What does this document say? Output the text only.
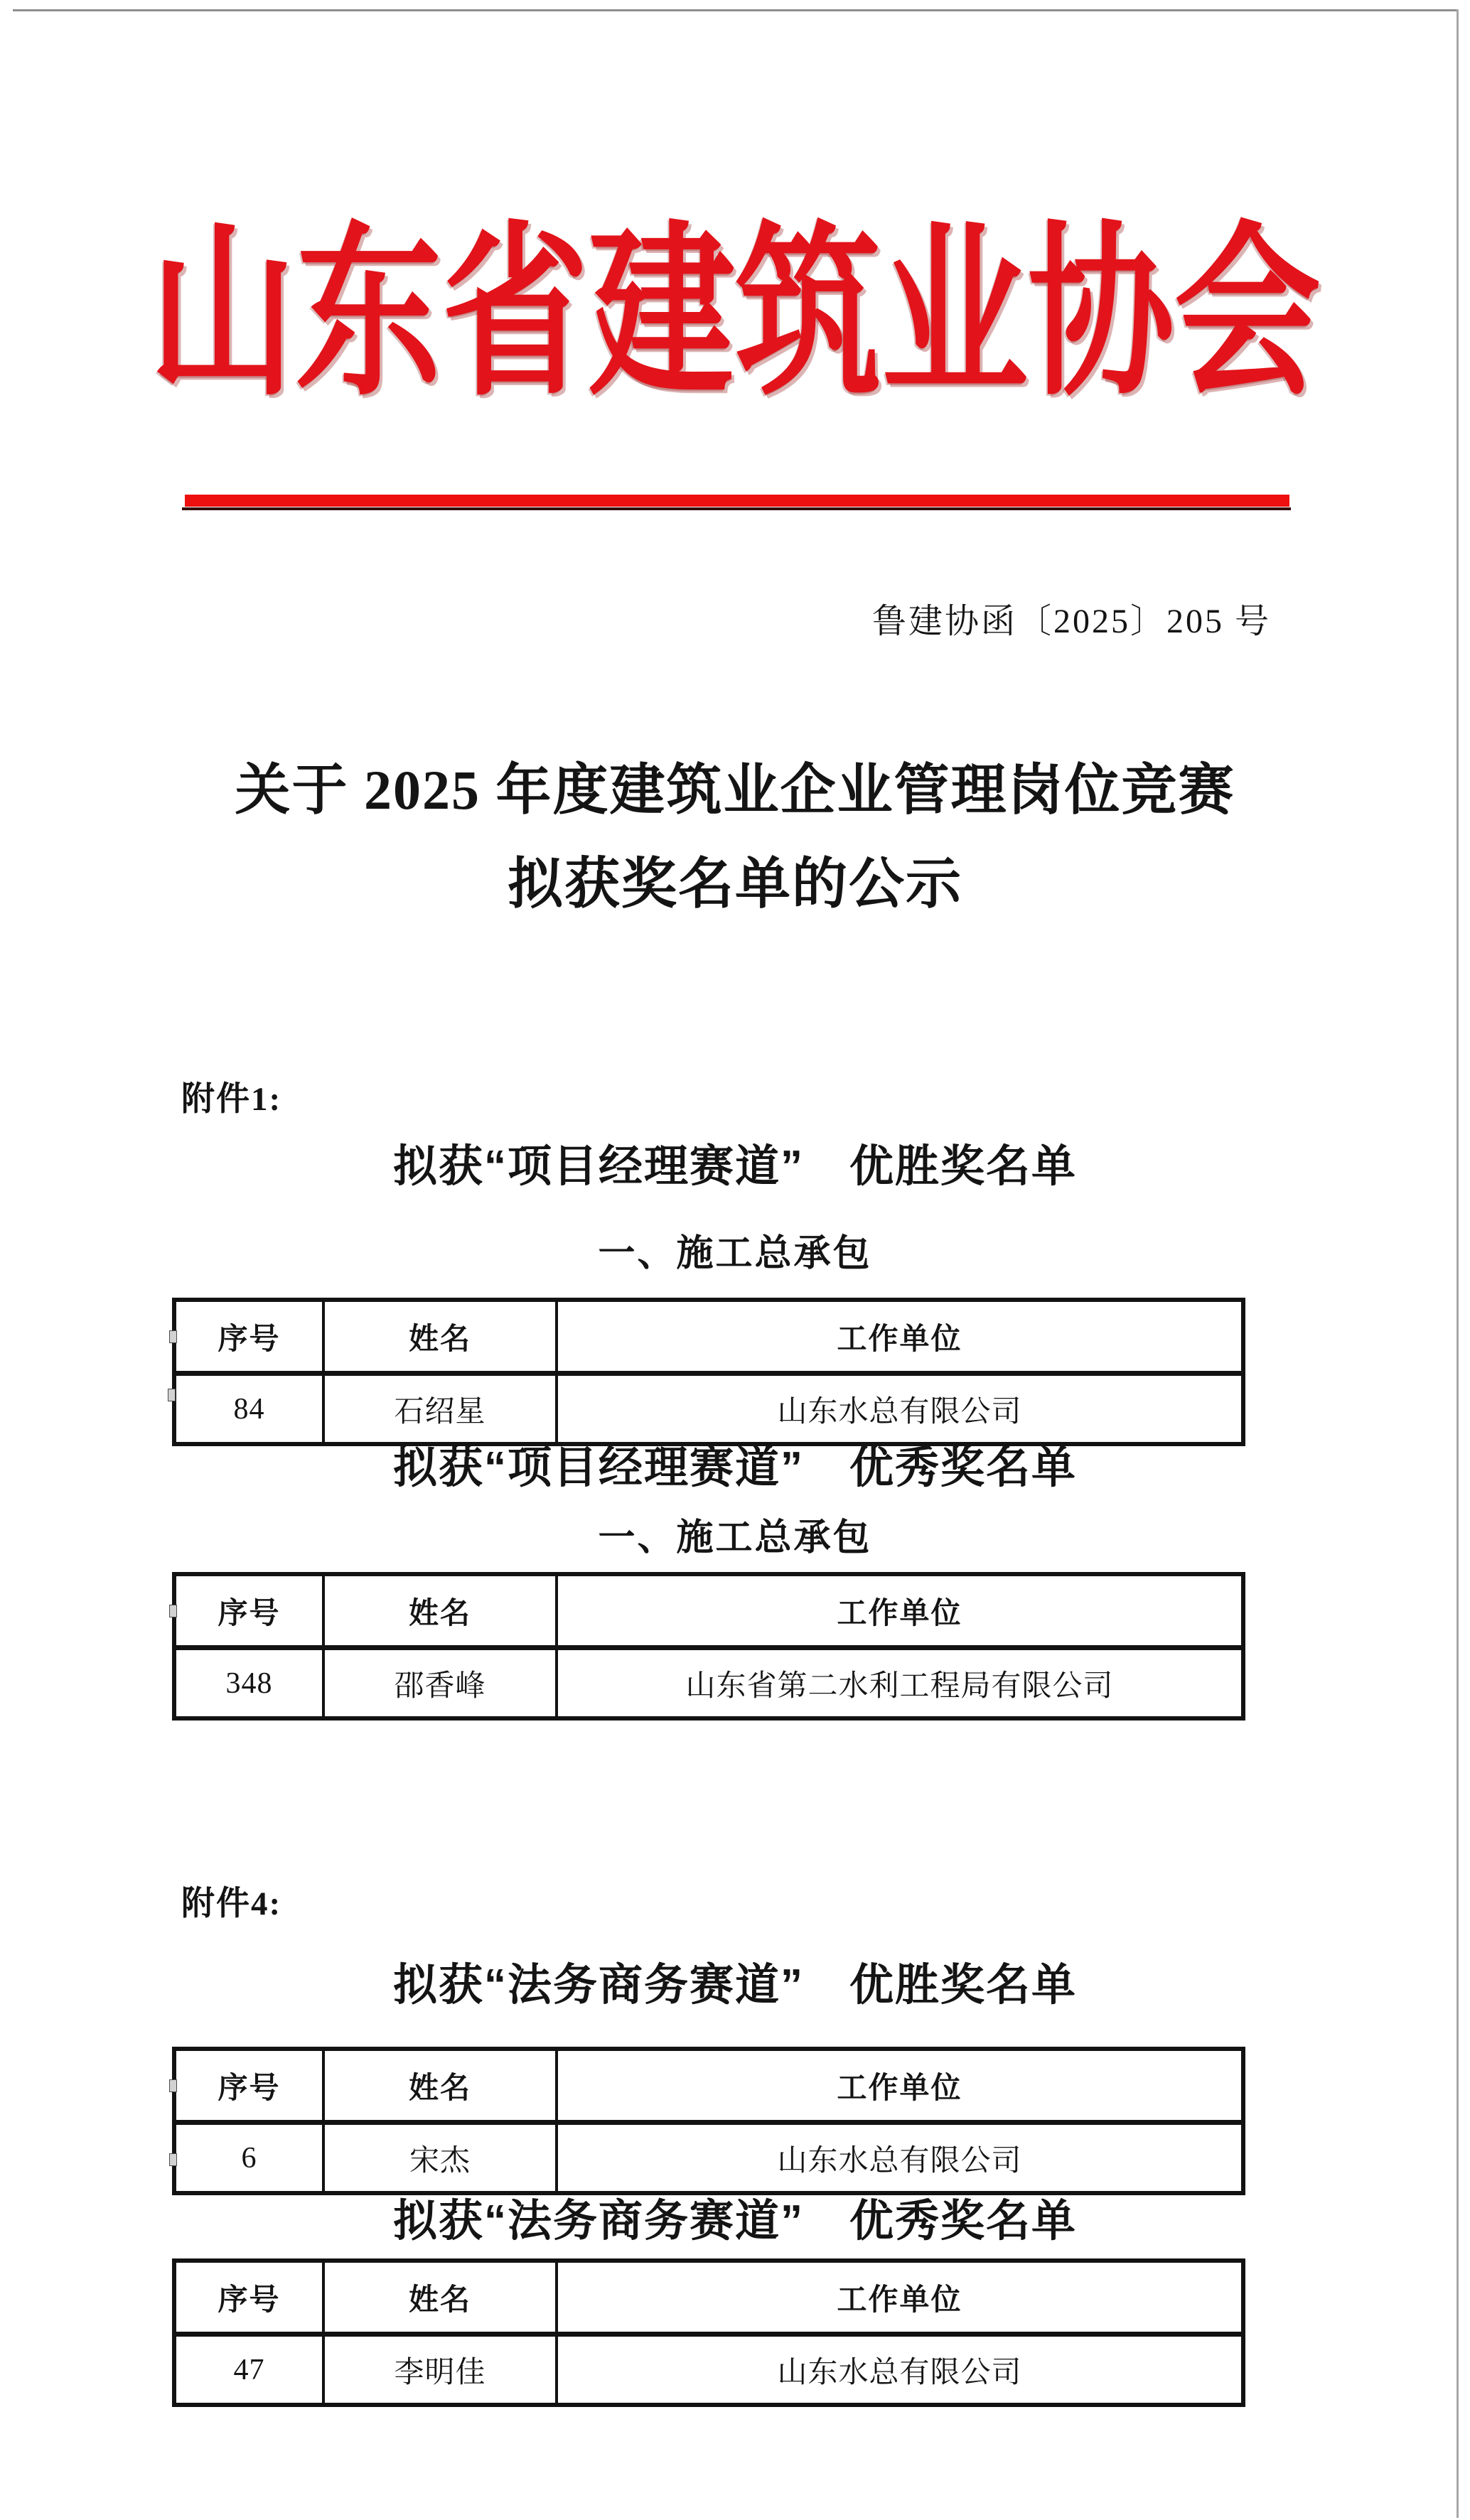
山东省建筑业协会
鲁建协函〔2025〕205 号
关于 2025 年度建筑业企业管理岗位竞赛
拟获奖名单的公示
附件1:
拟获“项目经理赛道”　优胜奖名单
一、施工总承包
序号	姓名	工作单位
84	石绍星	山东水总有限公司
拟获“项目经理赛道”　优秀奖名单
一、施工总承包
序号	姓名	工作单位
348	邵香峰	山东省第二水利工程局有限公司
附件4:
拟获“法务商务赛道”　优胜奖名单
序号	姓名	工作单位
6	宋杰	山东水总有限公司
拟获“法务商务赛道”　优秀奖名单
序号	姓名	工作单位
47	李明佳	山东水总有限公司
